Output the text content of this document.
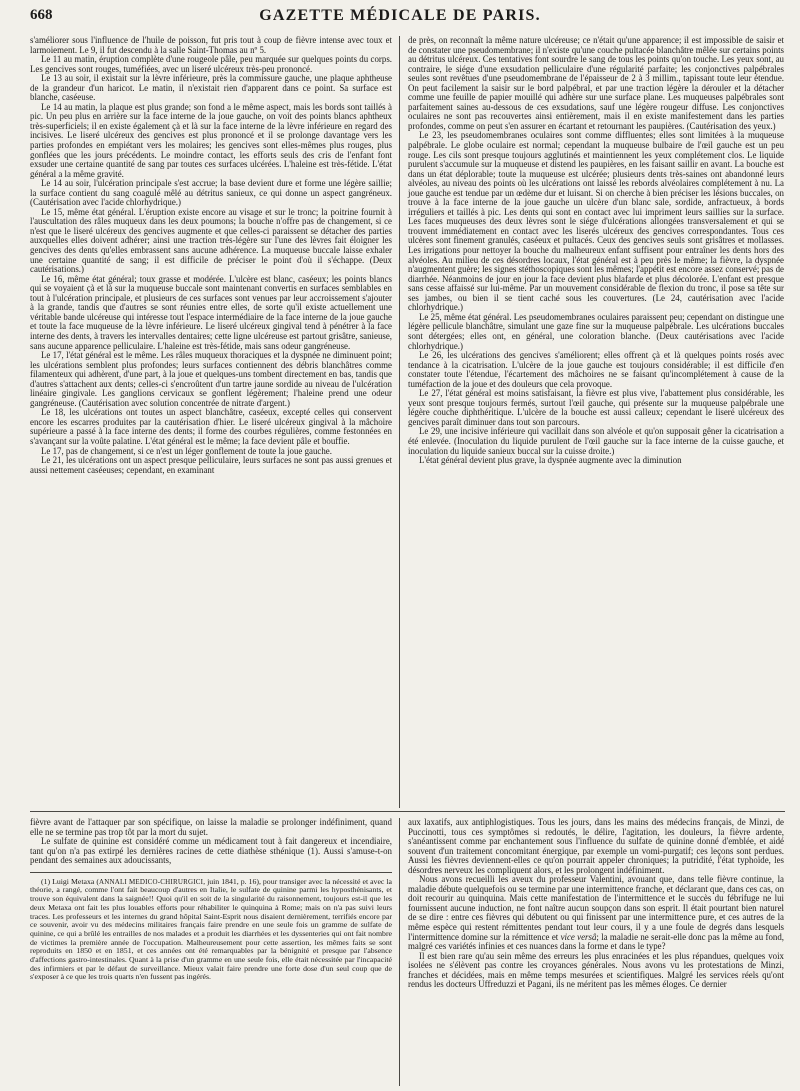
668	GAZETTE MÉDICALE DE PARIS.

s'améliorer sous l'influence de l'huile de poisson, fut pris tout à coup de fièvre intense avec toux et larmoiement. Le 9, il fut descendu à la salle Saint-Thomas au nº 5.

Le 11 au matin, éruption complète d'une rougeole pâle, peu marquée sur quelques points du corps. Les gencives sont rouges, tuméfiées, avec un liseré ulcéreux très-peu prononcé.

Le 13 au soir, il existait sur la lèvre inférieure, près la commissure gauche, une plaque aphtheuse de la grandeur d'un haricot. Le matin, il n'existait rien d'apparent dans ce point. Sa surface est blanche, caséeuse.

Le 14 au matin, la plaque est plus grande; son fond a le même aspect, mais les bords sont taillés à pic. Un peu plus en arrière sur la face interne de la joue gauche, on voit des points blancs aphtheux très-superficiels; il en existe également çà et là sur la face interne de la lèvre inférieure en regard des incisives. Le liseré ulcéreux des gencives est plus prononcé et il se prolonge davantage vers les parties profondes en empiétant vers les molaires; les gencives sont elles-mêmes plus rouges, plus gonflées que les jours précédents. Le moindre contact, les efforts seuls des cris de l'enfant font exsuder une certaine quantité de sang par toutes ces surfaces ulcérées. L'haleine est très-fétide. L'état général a la même gravité.

Le 14 au soir, l'ulcération principale s'est accrue; la base devient dure et forme une légère saillie; la surface contient du sang coagulé mêlé au détritus sanieux, ce qui donne un aspect gangréneux. (Cautérisation avec l'acide chlorhydrique.)

Le 15, même état général. L'éruption existe encore au visage et sur le tronc; la poitrine fournit à l'auscultation des râles muqueux dans les deux poumons; la bouche n'offre pas de changement, si ce n'est que le liseré ulcéreux des gencives augmente et que celles-ci paraissent se détacher des parties auxquelles elles doivent adhérer; ainsi une traction très-légère sur l'une des lèvres fait éloigner les gencives des dents qu'elles embrassent sans aucune adhérence. La muqueuse buccale laisse exhaler une certaine quantité de sang; il est difficile de préciser le point d'où il s'échappe. (Deux cautérisations.)

Le 16, même état général; toux grasse et modérée. L'ulcère est blanc, caséeux; les points blancs qui se voyaient çà et là sur la muqueuse buccale sont maintenant convertis en surfaces semblables en tout à l'ulcération principale, et plusieurs de ces surfaces sont venues par leur accroissement s'ajouter à la grande, tandis que d'autres se sont réunies entre elles, de sorte qu'il existe actuellement une véritable bande ulcéreuse qui intéresse tout l'espace intermédiaire de la face interne de la joue gauche et toute la face muqueuse de la lèvre inférieure. Le liseré ulcéreux gingival tend à pénétrer à la face interne des dents, à travers les intervalles dentaires; cette ligne ulcéreuse est partout grisâtre, sanieuse, sans aucune apparence pelliculaire. L'haleine est très-fétide, mais sans odeur gangréneuse.

Le 17, l'état général est le même. Les râles muqueux thoraciques et la dyspnée ne diminuent point; les ulcérations semblent plus profondes; leurs surfaces contiennent des débris blanchâtres comme filamenteux qui adhèrent, d'une part, à la joue et quelques-uns tombent directement en bas, tandis que d'autres s'attachent aux dents; celles-ci s'encroûtent d'un tartre jaune sordide au niveau de l'ulcération linéaire gingivale. Les ganglions cervicaux se gonflent légèrement; l'haleine prend une odeur gangréneuse. (Cautérisation avec solution concentrée de nitrate d'argent.)

Le 18, les ulcérations ont toutes un aspect blanchâtre, caséeux, excepté celles qui conservent encore les escarres produites par la cautérisation d'hier. Le liseré ulcéreux gingival à la mâchoire supérieure a passé à la face interne des dents; il forme des courbes régulières, comme festonnées en s'avançant sur la voûte palatine. L'état général est le même; la face devient pâle et bouffie.

Le 17, pas de changement, si ce n'est un léger gonflement de toute la joue gauche.

Le 21, les ulcérations ont un aspect presque pelliculaire, leurs surfaces ne sont pas aussi grenues et aussi nettement caséeuses; cependant, en examinant

de près, on reconnaît la même nature ulcéreuse; ce n'était qu'une apparence; il est impossible de saisir et de constater une pseudomembrane; il n'existe qu'une couche pultacée blanchâtre mêlée sur certains points au détritus ulcéreux. Ces tentatives font sourdre le sang de tous les points qu'on touche. Les yeux sont, au contraire, le siége d'une exsudation pelliculaire d'une régularité parfaite; les conjonctives palpébrales seules sont revêtues d'une pseudomembrane de l'épaisseur de 2 à 3 millim., tapissant toute leur étendue. On peut facilement la saisir sur le bord palpébral, et par une traction légère la dérouler et la détacher comme une feuille de papier mouillé qui adhère sur une surface plane. Les muqueuses palpébrales sont parfaitement saines au-dessous de ces exsudations, sauf une légère rougeur diffuse. Les conjonctives oculaires ne sont pas recouvertes ainsi entièrement, mais il en existe manifestement dans les parties profondes, comme on peut s'en assurer en écartant et retournant les paupières. (Cautérisation des yeux.)

Le 23, les pseudomembranes oculaires sont comme diffluentes; elles sont limitées à la muqueuse palpébrale. Le globe oculaire est normal; cependant la muqueuse bulbaire de l'œil gauche est un peu rouge. Les cils sont presque toujours agglutinés et maintiennent les yeux complétement clos. Le liquide purulent s'accumule sur la muqueuse et distend les paupières, en les faisant saillir en avant. La bouche est dans un état déplorable; toute la muqueuse est ulcérée; plusieurs dents très-saines ont abandonné leurs alvéoles, au niveau des points où les ulcérations ont laissé les rebords alvéolaires complétement à nu. La joue gauche est tendue par un œdème dur et luisant. Si on cherche à bien préciser les lésions buccales, on trouve à la face interne de la joue gauche un ulcère d'un blanc sale, sordide, anfractueux, à bords irréguliers et taillés à pic. Les dents qui sont en contact avec lui impriment leurs saillies sur la surface. Les faces muqueuses des deux lèvres sont le siége d'ulcérations allongées transversalement et qui se trouvent immédiatement en contact avec les liserés ulcéreux des gencives correspondantes. Tous ces ulcères sont finement granulés, caséeux et pultacés. Ceux des gencives seuls sont grisâtres et mollasses. Les irrigations pour nettoyer la bouche du malheureux enfant suffisent pour entraîner les dents hors des alvéoles. Au milieu de ces désordres locaux, l'état général est à peu près le même; la fièvre, la dyspnée n'augmentent guère; les signes stéthoscopiques sont les mêmes; l'appétit est encore assez conservé; pas de diarrhée. Néanmoins de jour en jour la face devient plus blafarde et plus décolorée. L'enfant est presque sans cesse affaissé sur lui-même. Par un mouvement considérable de flexion du tronc, il pose sa tête sur ses jambes, ou bien il se tient caché sous les couvertures. (Le 24, cautérisation avec l'acide chlorhydrique.)

Le 25, même état général. Les pseudomembranes oculaires paraissent peu; cependant on distingue une légère pellicule blanchâtre, simulant une gaze fine sur la muqueuse palpébrale. Les ulcérations buccales sont détergées; elles ont, en général, une coloration blanche. (Deux cautérisations avec l'acide chlorhydrique.)

Le 26, les ulcérations des gencives s'améliorent; elles offrent çà et là quelques points rosés avec tendance à la cicatrisation. L'ulcère de la joue gauche est toujours considérable; il est difficile d'en constater toute l'étendue, l'écartement des mâchoires ne se faisant qu'incomplétement à cause de la tuméfaction de la joue et des douleurs que cela provoque.

Le 27, l'état général est moins satisfaisant, la fièvre est plus vive, l'abattement plus considérable, les yeux sont presque toujours fermés, surtout l'œil gauche, qui présente sur la muqueuse palpébrale une légère couche diphthéritique. L'ulcère de la bouche est aussi calleux; cependant le liseré ulcéreux des gencives paraît diminuer dans tout son parcours.

Le 29, une incisive inférieure qui vacillait dans son alvéole et qu'on supposait gêner la cicatrisation a été enlevée. (Inoculation du liquide purulent de l'œil gauche sur la face interne de la cuisse gauche, et inoculation du liquide sanieux buccal sur la cuisse droite.)

L'état général devient plus grave, la dyspnée augmente avec la diminution

fièvre avant de l'attaquer par son spécifique, on laisse la maladie se prolonger indéfiniment, quand elle ne se termine pas trop tôt par la mort du sujet.

Le sulfate de quinine est considéré comme un médicament tout à fait dangereux et incendiaire, tant qu'on n'a pas extirpé les dernières racines de cette diathèse sthénique (1). Aussi s'amuse-t-on pendant des semaines aux adoucissants,

(1) Luigi Metaxa (ANNALI MEDICO-CHIRURGICI, juin 1841, p. 16), pour transiger avec la nécessité et avec la théorie, a rangé, comme l'ont fait beaucoup d'autres en Italie, le sulfate de quinine parmi les hyposthénisants, et trouve son équivalent dans la saignée!! Quoi qu'il en soit de la singularité du raisonnement, toujours est-il que les deux Metaxa ont fait les plus louables efforts pour réhabiliter le quinquina à Rome; mais on n'a pas suivi leurs traces. Les professeurs et les internes du grand hôpital Saint-Esprit nous disaient dernièrement, terrifiés encore par ce souvenir, avoir vu des médecins militaires français faire prendre en une seule fois un gramme de sulfate de quinine, ce qui a brûlé les entrailles de nos malades et a produit les diarrhées et les dyssenteries qui ont fait nombre de victimes la première année de l'occupation. Malheureusement pour cette assertion, les mêmes faits se sont reproduits en 1850 et en 1851, et ces années ont été remarquables par la bénignité et presque par l'absence d'affections gastro-intestinales. Quant à la prise d'un gramme en une seule fois, elle était nécessitée par l'incapacité des infirmiers et par le défaut de surveillance. Mieux valait faire prendre une forte dose d'un seul coup que de s'exposer à ce que les trois quarts n'en fussent pas ingérés.

aux laxatifs, aux antiphlogistiques. Tous les jours, dans les mains des médecins français, de Minzi, de Puccinotti, tous ces symptômes si redoutés, le délire, l'agitation, les douleurs, la fièvre ardente, s'anéantissent comme par enchantement sous l'influence du sulfate de quinine donné d'emblée, et aidé souvent d'un traitement concomitant énergique, par exemple un vomi-purgatif; ces leçons sont perdues. Aussi les fièvres deviennent-elles ce qu'on pourrait appeler chroniques; la putridité, l'état typhoïde, les désordres nerveux les compliquent alors, et les prolongent indéfiniment.

Nous avons recueilli les aveux du professeur Valentini, avouant que, dans telle fièvre continue, la maladie débute quelquefois ou se termine par une intermittence franche, et déclarant que, dans ces cas, on doit recourir au quinquina. Mais cette manifestation de l'intermittence et le succès du fébrifuge ne lui fournissent aucune induction, ne font naître aucun soupçon dans son esprit. Il était pourtant bien naturel de se dire : entre ces fièvres qui débutent ou qui finissent par une intermittence pure, et ces autres de la même espèce qui restent rémittentes pendant tout leur cours, il y a une foule de degrés dans lesquels l'intermittence domine sur la rémittence et vice versâ; la maladie ne serait-elle donc pas la même au fond, malgré ces variétés infinies et ces nuances dans la forme et dans le type?

Il est bien rare qu'au sein même des erreurs les plus enracinées et les plus répandues, quelques voix isolées ne s'élèvent pas contre les croyances générales. Nous avons vu les protestations de Minzi, franches et décidées, mais en même temps mesurées et scientifiques. Malgré les services réels qu'ont rendus les docteurs Uffreduzzi et Pagani, ils ne méritent pas les mêmes éloges. Ce dernier
